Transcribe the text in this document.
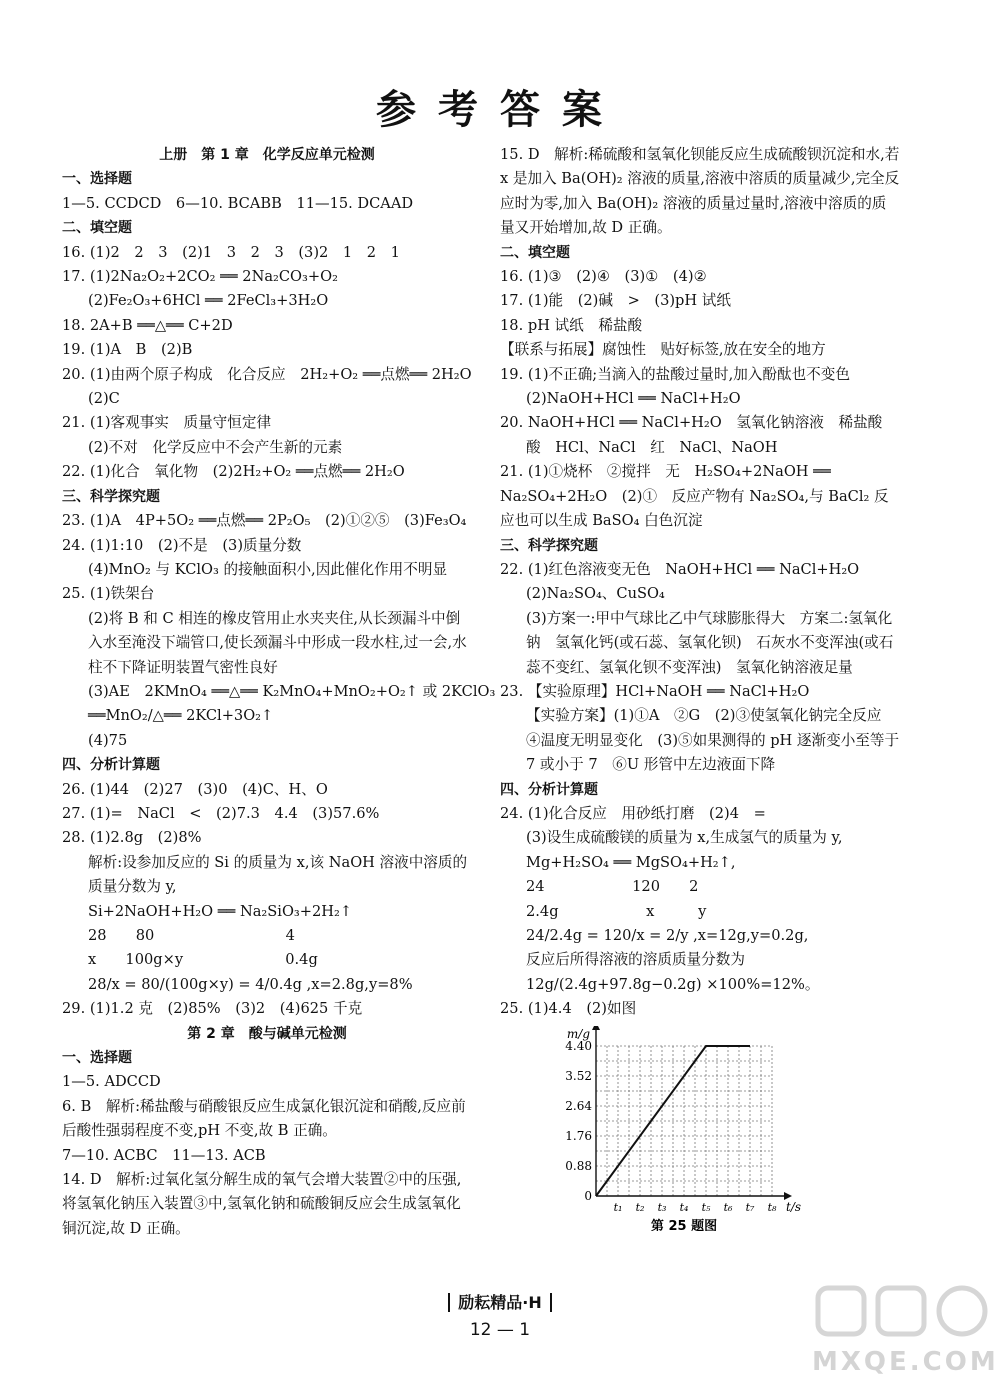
参考答案

上册　第 1 章　化学反应单元检测

一、选择题

1—5. CCDCD　6—10. BCABB　11—15. DCAAD

二、填空题

16. (1)2　2　3　(2)1　3　2　3　(3)2　1　2　1

17. (1)2Na₂O₂+2CO₂ ══ 2Na₂CO₃+O₂

(2)Fe₂O₃+6HCl ══ 2FeCl₃+3H₂O

18. 2A+B ══△══ C+2D

19. (1)A　B　(2)B

20. (1)由两个原子构成　化合反应　2H₂+O₂ ══点燃══ 2H₂O

(2)C

21. (1)客观事实　质量守恒定律

(2)不对　化学反应中不会产生新的元素

22. (1)化合　氧化物　(2)2H₂+O₂ ══点燃══ 2H₂O

三、科学探究题

23. (1)A　4P+5O₂ ══点燃══ 2P₂O₅　(2)①②⑤　(3)Fe₃O₄

24. (1)1:10　(2)不是　(3)质量分数

(4)MnO₂ 与 KClO₃ 的接触面积小,因此催化作用不明显

25. (1)铁架台

(2)将 B 和 C 相连的橡皮管用止水夹夹住,从长颈漏斗中倒入水至淹没下端管口,使长颈漏斗中形成一段水柱,过一会,水柱不下降证明装置气密性良好

(3)AE　2KMnO₄ ══△══ K₂MnO₄+MnO₂+O₂↑ 或 2KClO₃

══MnO₂/△══ 2KCl+3O₂↑

(4)75

四、分析计算题

26. (1)44　(2)27　(3)0　(4)C、H、O

27. (1)=　NaCl　<　(2)7.3　4.4　(3)57.6%

28. (1)2.8g　(2)8%

解析:设参加反应的 Si 的质量为 x,该 NaOH 溶液中溶质的质量分数为 y,

Si+2NaOH+H₂O ══ Na₂SiO₃+2H₂↑

28　　80　　　　　　　　　4

x　　100g×y　　　　　　　0.4g

28/x = 80/(100g×y) = 4/0.4g ,x=2.8g,y=8%

29. (1)1.2 克　(2)85%　(3)2　(4)625 千克

第 2 章　酸与碱单元检测

一、选择题

1—5. ADCCD

6. B　解析:稀盐酸与硝酸银反应生成氯化银沉淀和硝酸,反应前后酸性强弱程度不变,pH 不变,故 B 正确。

7—10. ACBC　11—13. ACB

14. D　解析:过氧化氢分解生成的氧气会增大装置②中的压强,将氢氧化钠压入装置③中,氢氧化钠和硫酸铜反应会生成氢氧化铜沉淀,故 D 正确。

15. D　解析:稀硫酸和氢氧化钡能反应生成硫酸钡沉淀和水,若 x 是加入 Ba(OH)₂ 溶液的质量,溶液中溶质的质量减少,完全反应时为零,加入 Ba(OH)₂ 溶液的质量过量时,溶液中溶质的质量又开始增加,故 D 正确。

二、填空题

16. (1)③　(2)④　(3)①　(4)②

17. (1)能　(2)碱　>　(3)pH 试纸

18. pH 试纸　稀盐酸

【联系与拓展】腐蚀性　贴好标签,放在安全的地方

19. (1)不正确;当滴入的盐酸过量时,加入酚酞也不变色

(2)NaOH+HCl ══ NaCl+H₂O

20. NaOH+HCl ══ NaCl+H₂O　氢氧化钠溶液　稀盐酸

酸　HCl、NaCl　红　NaCl、NaOH

21. (1)①烧杯　②搅拌　无　H₂SO₄+2NaOH ══ Na₂SO₄+2H₂O　(2)①　反应产物有 Na₂SO₄,与 BaCl₂ 反应也可以生成 BaSO₄ 白色沉淀

三、科学探究题

22. (1)红色溶液变无色　NaOH+HCl ══ NaCl+H₂O

(2)Na₂SO₄、CuSO₄

(3)方案一:甲中气球比乙中气球膨胀得大　方案二:氢氧化钠　氢氧化钙(或石蕊、氢氧化钡)　石灰水不变浑浊(或石蕊不变红、氢氧化钡不变浑浊)　氢氧化钠溶液足量

23. 【实验原理】HCl+NaOH ══ NaCl+H₂O

【实验方案】(1)①A　②G　(2)③使氢氧化钠完全反应　④温度无明显变化　(3)⑤如果测得的 pH 逐渐变小至等于 7 或小于 7　⑥U 形管中左边液面下降

四、分析计算题

24. (1)化合反应　用砂纸打磨　(2)4　=

(3)设生成硫酸镁的质量为 x,生成氢气的质量为 y,

Mg+H₂SO₄ ══ MgSO₄+H₂↑,

24　　　　　　120　　2

2.4g　　　　　　x　　　y

24/2.4g = 120/x = 2/y ,x=12g,y=0.2g,

反应后所得溶液的溶质质量分数为

12g/(2.4g+97.8g−0.2g) ×100%=12%。

25. (1)4.4　(2)如图

4.40
3.52
2.64
1.76
0.88
0
t₁ t₂ t₃ t₄ t₅ t₆ t₇ t₈
m/g
t/s
第 25 题图
励耘精品·H
12 — 1
MXQE.COM
